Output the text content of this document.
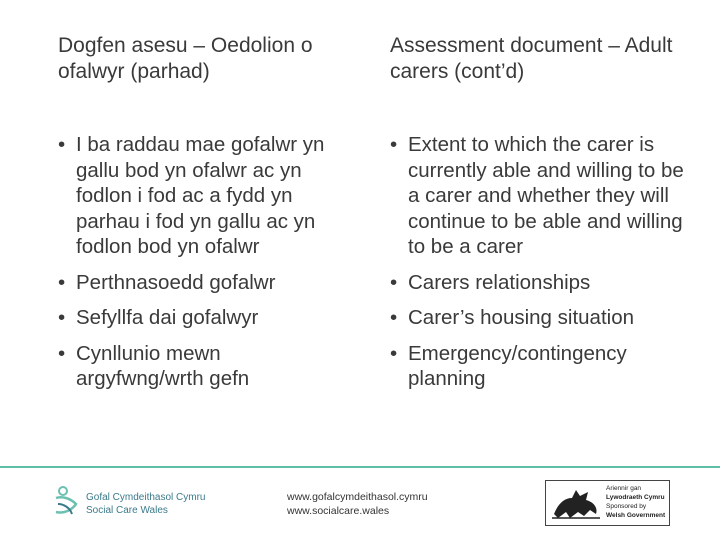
Dogfen asesu – Oedolion o ofalwyr (parhad)
Assessment document – Adult carers (cont’d)
• I ba raddau mae gofalwr yn gallu bod yn ofalwr ac yn fodlon i fod ac a fydd yn parhau i fod yn gallu ac yn fodlon bod yn ofalwr
• Perthnasoedd gofalwr
• Sefyllfa dai gofalwyr
• Cynllunio mewn argyfwng/wrth gefn
• Extent to which the carer is currently able and willing to be a carer and whether they will continue to be able and willing to be a carer
• Carers relationships
• Carer’s housing situation
• Emergency/contingency planning
Gofal Cymdeithasol Cymru
Social Care Wales
www.gofalcymdeithasol.cymru
www.socialcare.wales
Ariennir gan
Lywodraeth Cymru
Sponsored by
Welsh Government
